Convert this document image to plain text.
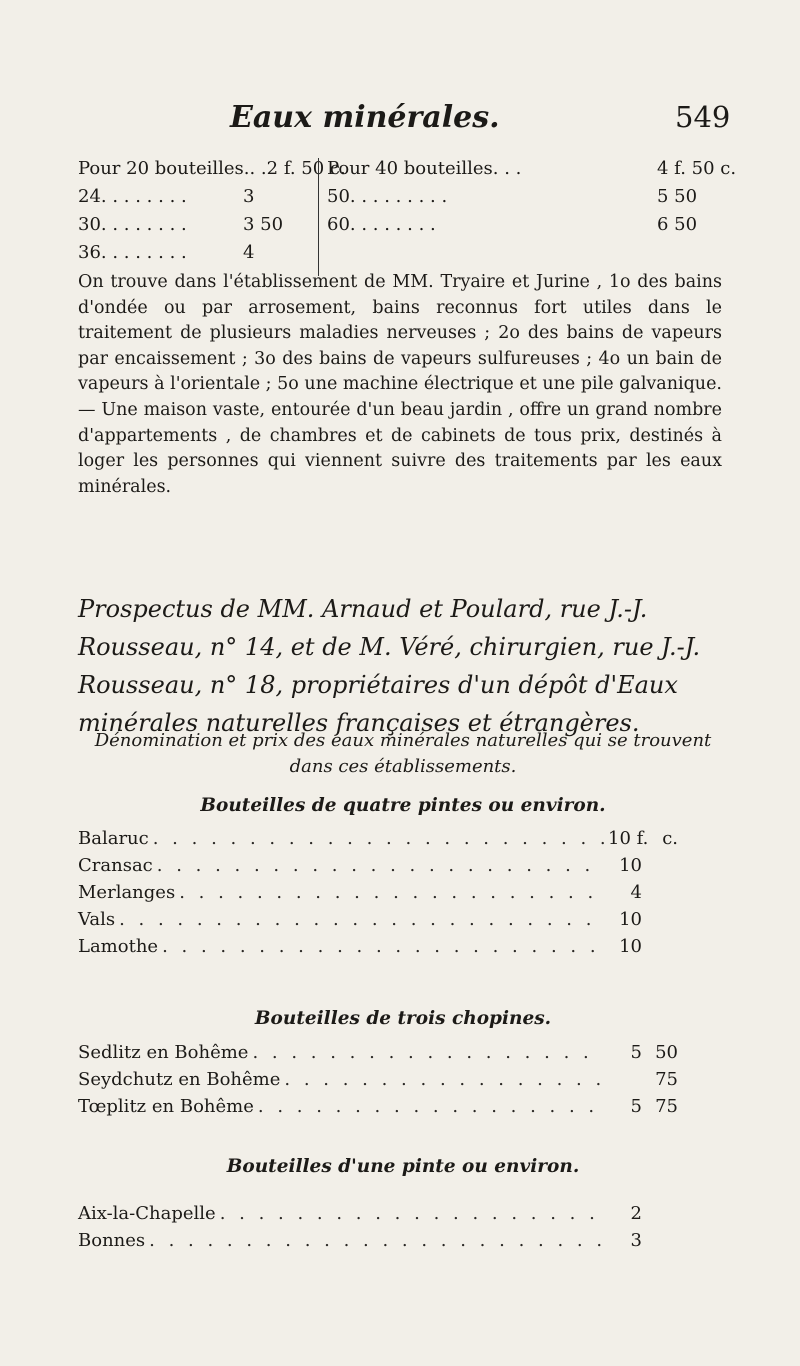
Eaux minérales.	549
Pour 20 bouteilles.. . 2 f. 50 c.
24. . . . . . . .	3
30. . . . . . . .	3 50
36. . . . . . . .	4
Pour 40 bouteilles. . .	4 f. 50 c.
50. . . . . . . . .	5 50
60. . . . . . . .	6 50

On trouve dans l'établissement de MM. Tryaire et Jurine , 1o des bains d'ondée ou par arrosement, bains reconnus fort utiles dans le traitement de plusieurs maladies nerveuses ; 2o des bains de vapeurs par encaissement ; 3o des bains de vapeurs sulfureuses ; 4o un bain de vapeurs à l'orientale ; 5o une machine électrique et une pile galvanique. — Une maison vaste, entourée d'un beau jardin , offre un grand nombre d'appartements , de chambres et de cabinets de tous prix, destinés à loger les personnes qui viennent suivre des traitements par les eaux minérales.

Prospectus de MM. Arnaud et Poulard, rue J.-J. Rousseau, n° 14, et de M. Véré, chirurgien, rue J.-J. Rousseau, n° 18, propriétaires d'un dépôt d'Eaux minérales naturelles françaises et étrangères.
Dénomination et prix des eaux minérales naturelles qui se trouvent dans ces établissements.
Bouteilles de quatre pintes ou environ.
Balaruc . . .	10 f. c.
Cransac . . .	10
Merlanges . . .	4
Vals . . .	10
Lamothe . . .	10
Bouteilles de trois chopines.
Sedlitz en Bohême . . .	5 50
Seydchutz en Bohême . . .	75
Tœplitz en Bohême . . .	5 75
Bouteilles d'une pinte ou environ.
Aix-la-Chapelle . . .	2
Bonnes . . .	3
